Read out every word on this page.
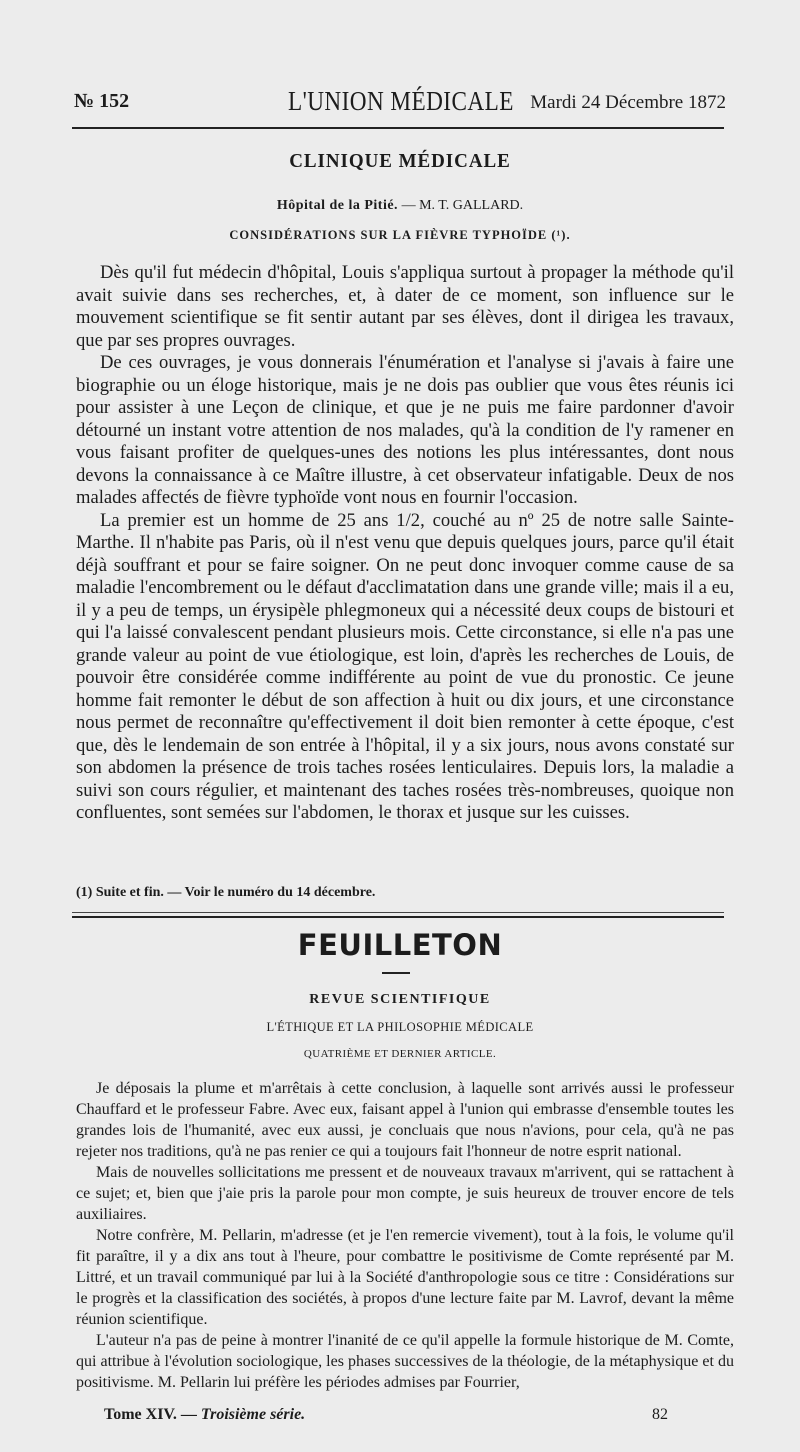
№ 152	L'UNION MÉDICALE Mardi 24 Décembre 1872
CLINIQUE MÉDICALE
Hôpital de la Pitié. — M. T. GALLARD.
CONSIDÉRATIONS SUR LA FIÈVRE TYPHOÏDE (¹).

Dès qu'il fut médecin d'hôpital, Louis s'appliqua surtout à propager la méthode qu'il avait suivie dans ses recherches, et, à dater de ce moment, son influence sur le mouvement scientifique se fit sentir autant par ses élèves, dont il dirigea les travaux, que par ses propres ouvrages.

De ces ouvrages, je vous donnerais l'énumération et l'analyse si j'avais à faire une biographie ou un éloge historique, mais je ne dois pas oublier que vous êtes réunis ici pour assister à une Leçon de clinique, et que je ne puis me faire pardonner d'avoir détourné un instant votre attention de nos malades, qu'à la condition de l'y ramener en vous faisant profiter de quelques-unes des notions les plus intéressantes, dont nous devons la connaissance à ce Maître illustre, à cet observateur infatigable. Deux de nos malades affectés de fièvre typhoïde vont nous en fournir l'occasion.

La premier est un homme de 25 ans 1/2, couché au nº 25 de notre salle Sainte-Marthe. Il n'habite pas Paris, où il n'est venu que depuis quelques jours, parce qu'il était déjà souffrant et pour se faire soigner. On ne peut donc invoquer comme cause de sa maladie l'encombrement ou le défaut d'acclimatation dans une grande ville; mais il a eu, il y a peu de temps, un érysipèle phlegmoneux qui a nécessité deux coups de bistouri et qui l'a laissé convalescent pendant plusieurs mois. Cette circonstance, si elle n'a pas une grande valeur au point de vue étiologique, est loin, d'après les recherches de Louis, de pouvoir être considérée comme indifférente au point de vue du pronostic. Ce jeune homme fait remonter le début de son affection à huit ou dix jours, et une circonstance nous permet de reconnaître qu'effectivement il doit bien remonter à cette époque, c'est que, dès le lendemain de son entrée à l'hôpital, il y a six jours, nous avons constaté sur son abdomen la présence de trois taches rosées lenticulaires. Depuis lors, la maladie a suivi son cours régulier, et maintenant des taches rosées très-nombreuses, quoique non confluentes, sont semées sur l'abdomen, le thorax et jusque sur les cuisses.

(1) Suite et fin. — Voir le numéro du 14 décembre.
FEUILLETON
REVUE SCIENTIFIQUE
L'ÉTHIQUE ET LA PHILOSOPHIE MÉDICALE
QUATRIÈME ET DERNIER ARTICLE.

Je déposais la plume et m'arrêtais à cette conclusion, à laquelle sont arrivés aussi le professeur Chauffard et le professeur Fabre. Avec eux, faisant appel à l'union qui embrasse d'ensemble toutes les grandes lois de l'humanité, avec eux aussi, je concluais que nous n'avions, pour cela, qu'à ne pas rejeter nos traditions, qu'à ne pas renier ce qui a toujours fait l'honneur de notre esprit national.

Mais de nouvelles sollicitations me pressent et de nouveaux travaux m'arrivent, qui se rattachent à ce sujet; et, bien que j'aie pris la parole pour mon compte, je suis heureux de trouver encore de tels auxiliaires.

Notre confrère, M. Pellarin, m'adresse (et je l'en remercie vivement), tout à la fois, le volume qu'il fit paraître, il y a dix ans tout à l'heure, pour combattre le positivisme de Comte représenté par M. Littré, et un travail communiqué par lui à la Société d'anthropologie sous ce titre : Considérations sur le progrès et la classification des sociétés, à propos d'une lecture faite par M. Lavrof, devant la même réunion scientifique.

L'auteur n'a pas de peine à montrer l'inanité de ce qu'il appelle la formule historique de M. Comte, qui attribue à l'évolution sociologique, les phases successives de la théologie, de la métaphysique et du positivisme. M. Pellarin lui préfère les périodes admises par Fourrier,

Tome XIV. — Troisième série.	82
